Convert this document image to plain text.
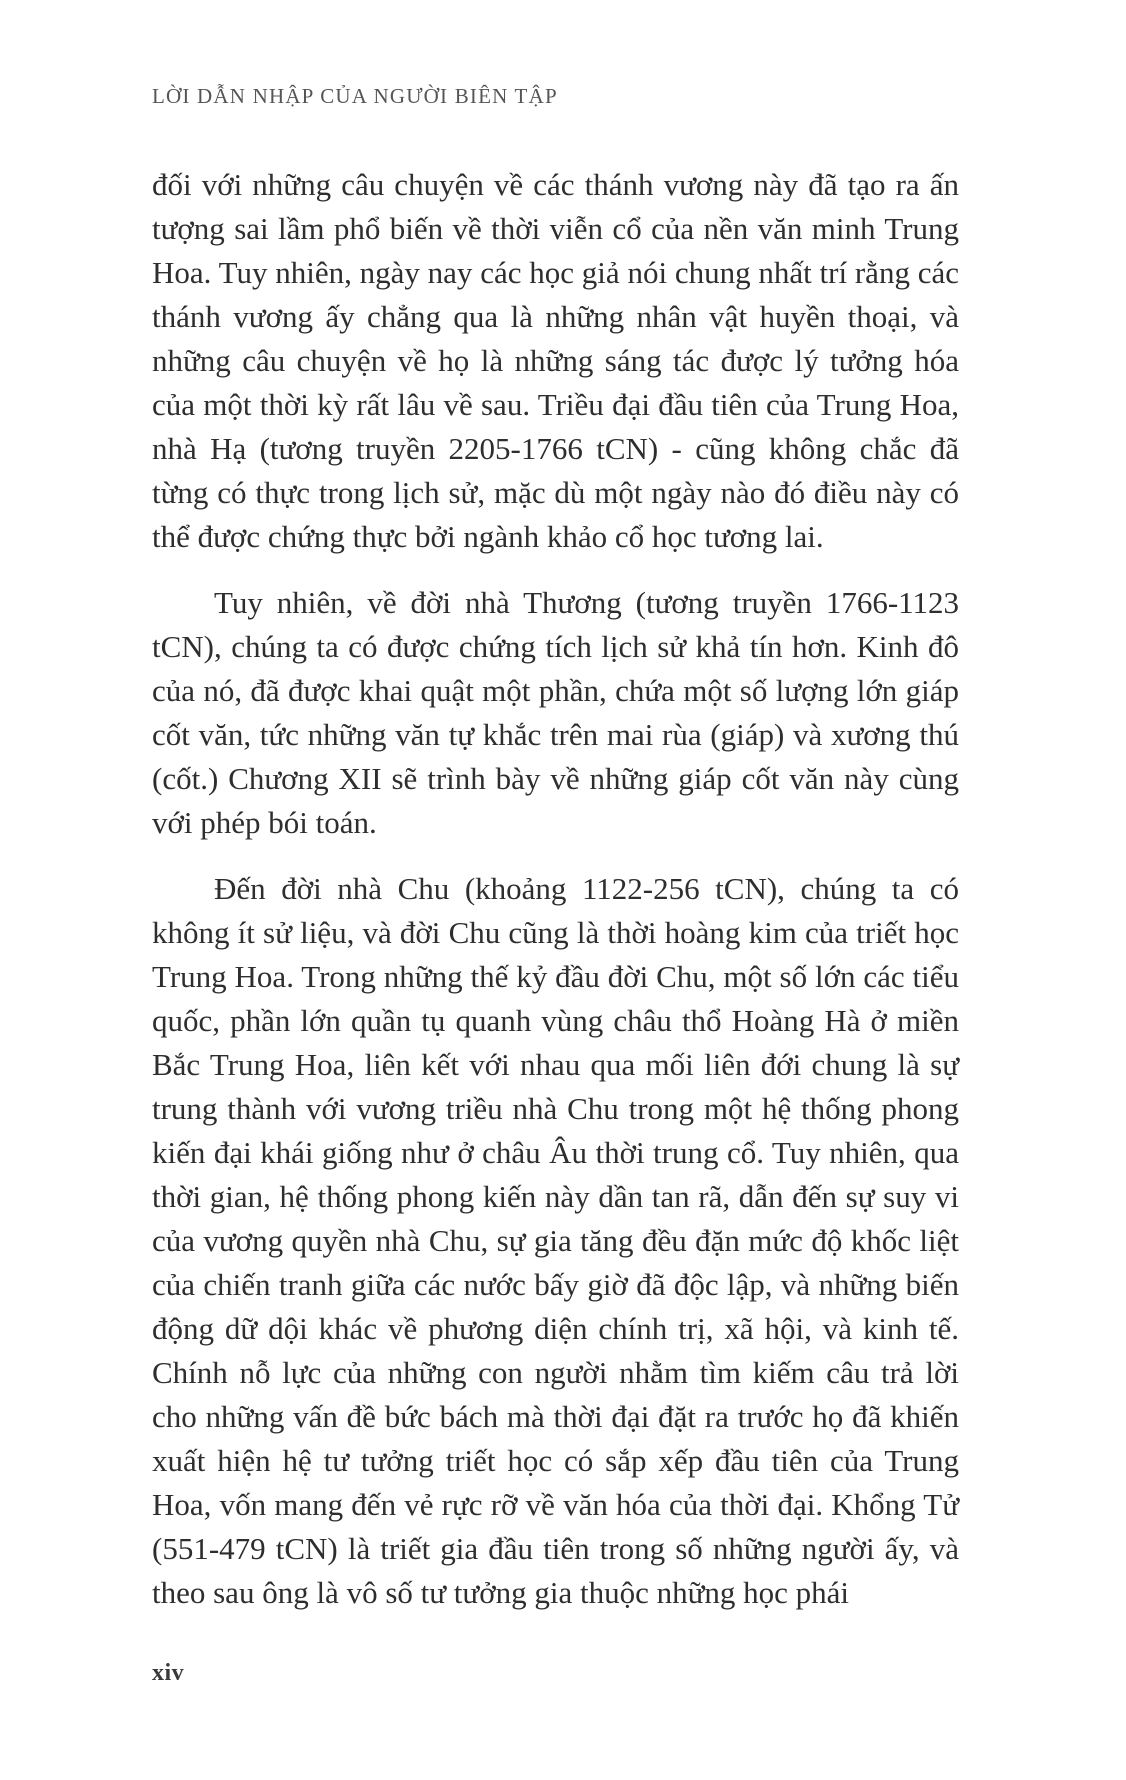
LỜI DẪN NHẬP CỦA NGƯỜI BIÊN TẬP

đối với những câu chuyện về các thánh vương này đã tạo ra ấn tượng sai lầm phổ biến về thời viễn cổ của nền văn minh Trung Hoa. Tuy nhiên, ngày nay các học giả nói chung nhất trí rằng các thánh vương ấy chẳng qua là những nhân vật huyền thoại, và những câu chuyện về họ là những sáng tác được lý tưởng hóa của một thời kỳ rất lâu về sau. Triều đại đầu tiên của Trung Hoa, nhà Hạ (tương truyền 2205-1766 tCN) - cũng không chắc đã từng có thực trong lịch sử, mặc dù một ngày nào đó điều này có thể được chứng thực bởi ngành khảo cổ học tương lai.

Tuy nhiên, về đời nhà Thương (tương truyền 1766-1123 tCN), chúng ta có được chứng tích lịch sử khả tín hơn. Kinh đô của nó, đã được khai quật một phần, chứa một số lượng lớn giáp cốt văn, tức những văn tự khắc trên mai rùa (giáp) và xương thú (cốt.) Chương XII sẽ trình bày về những giáp cốt văn này cùng với phép bói toán.

Đến đời nhà Chu (khoảng 1122-256 tCN), chúng ta có không ít sử liệu, và đời Chu cũng là thời hoàng kim của triết học Trung Hoa. Trong những thế kỷ đầu đời Chu, một số lớn các tiểu quốc, phần lớn quần tụ quanh vùng châu thổ Hoàng Hà ở miền Bắc Trung Hoa, liên kết với nhau qua mối liên đới chung là sự trung thành với vương triều nhà Chu trong một hệ thống phong kiến đại khái giống như ở châu Âu thời trung cổ. Tuy nhiên, qua thời gian, hệ thống phong kiến này dần tan rã, dẫn đến sự suy vi của vương quyền nhà Chu, sự gia tăng đều đặn mức độ khốc liệt của chiến tranh giữa các nước bấy giờ đã độc lập, và những biến động dữ dội khác về phương diện chính trị, xã hội, và kinh tế. Chính nỗ lực của những con người nhằm tìm kiếm câu trả lời cho những vấn đề bức bách mà thời đại đặt ra trước họ đã khiến xuất hiện hệ tư tưởng triết học có sắp xếp đầu tiên của Trung Hoa, vốn mang đến vẻ rực rỡ về văn hóa của thời đại. Khổng Tử (551-479 tCN) là triết gia đầu tiên trong số những người ấy, và theo sau ông là vô số tư tưởng gia thuộc những học phái

xiv
